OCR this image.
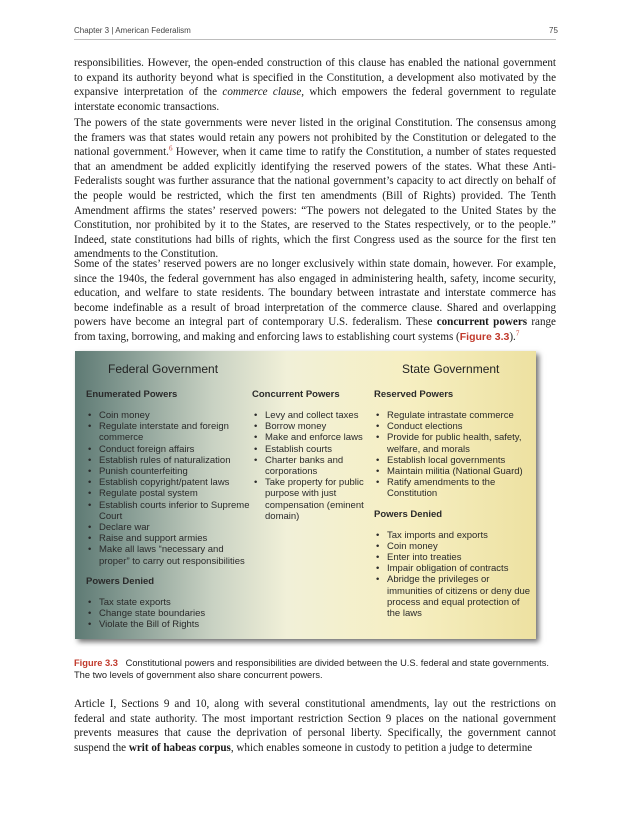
Chapter 3 | American Federalism	75

responsibilities. However, the open-ended construction of this clause has enabled the national government to expand its authority beyond what is specified in the Constitution, a development also motivated by the expansive interpretation of the commerce clause, which empowers the federal government to regulate interstate economic transactions.

The powers of the state governments were never listed in the original Constitution. The consensus among the framers was that states would retain any powers not prohibited by the Constitution or delegated to the national government.$^6$ However, when it came time to ratify the Constitution, a number of states requested that an amendment be added explicitly identifying the reserved powers of the states. What these Anti-Federalists sought was further assurance that the national government’s capacity to act directly on behalf of the people would be restricted, which the first ten amendments (Bill of Rights) provided. The Tenth Amendment affirms the states’ reserved powers: “The powers not delegated to the United States by the Constitution, nor prohibited by it to the States, are reserved to the States respectively, or to the people.” Indeed, state constitutions had bills of rights, which the first Congress used as the source for the first ten amendments to the Constitution.

Some of the states’ reserved powers are no longer exclusively within state domain, however. For example, since the 1940s, the federal government has also engaged in administering health, safety, income security, education, and welfare to state residents. The boundary between intrastate and interstate commerce has become indefinable as a result of broad interpretation of the commerce clause. Shared and overlapping powers have become an integral part of contemporary U.S. federalism. These concurrent powers range from taxing, borrowing, and making and enforcing laws to establishing court systems (Figure 3.3).$^7$

Federal Government	State Government
Enumerated Powers
• Coin money
• Regulate interstate and foreign commerce
• Conduct foreign affairs
• Establish rules of naturalization
• Punish counterfeiting
• Establish copyright/patent laws
• Regulate postal system
• Establish courts inferior to Supreme Court
• Declare war
• Raise and support armies
• Make all laws “necessary and proper” to carry out responsibilities
Powers Denied
• Tax state exports
• Change state boundaries
• Violate the Bill of Rights
Concurrent Powers
• Levy and collect taxes
• Borrow money
• Make and enforce laws
• Establish courts
• Charter banks and corporations
• Take property for public purpose with just compensation (eminent domain)
Reserved Powers
• Regulate intrastate commerce
• Conduct elections
• Provide for public health, safety, welfare, and morals
• Establish local governments
• Maintain militia (National Guard)
• Ratify amendments to the Constitution
Powers Denied
• Tax imports and exports
• Coin money
• Enter into treaties
• Impair obligation of contracts
• Abridge the privileges or immunities of citizens or deny due process and equal protection of the laws
Figure 3.3 Constitutional powers and responsibilities are divided between the U.S. federal and state governments. The two levels of government also share concurrent powers.

Article I, Sections 9 and 10, along with several constitutional amendments, lay out the restrictions on federal and state authority. The most important restriction Section 9 places on the national government prevents measures that cause the deprivation of personal liberty. Specifically, the government cannot suspend the writ of habeas corpus, which enables someone in custody to petition a judge to determine
